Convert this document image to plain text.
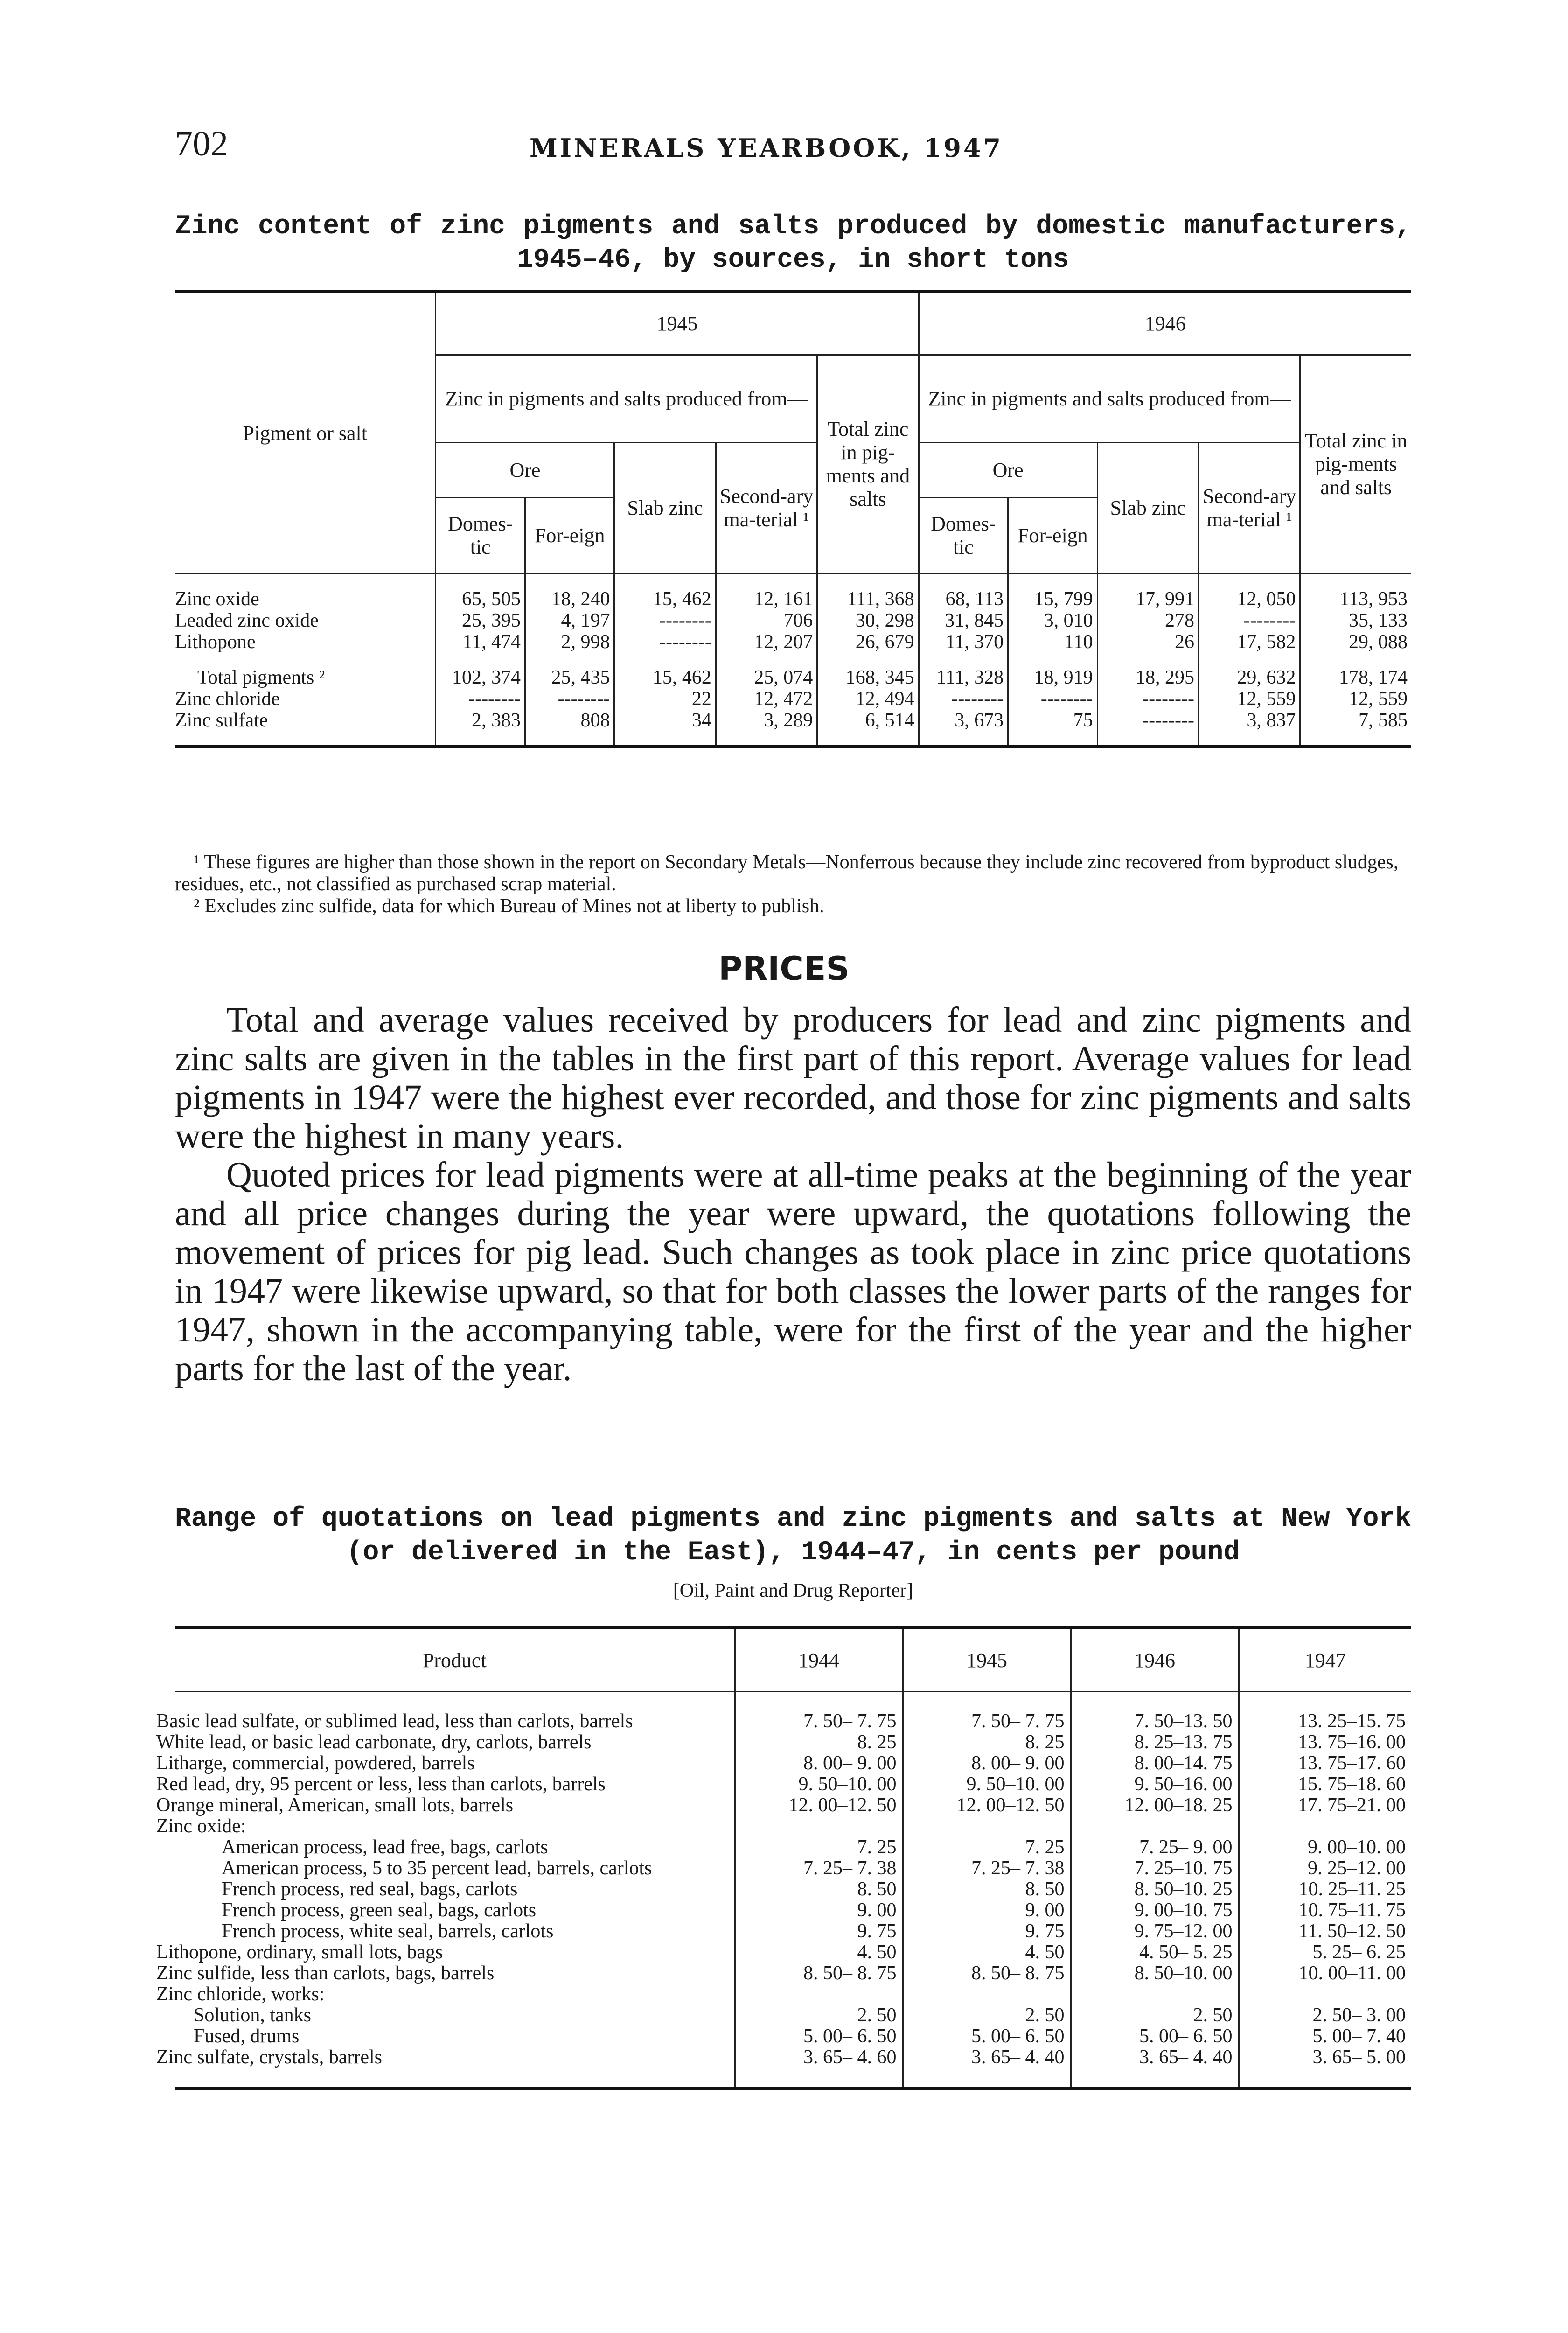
702	MINERALS YEARBOOK, 1947
Zinc content of zinc pigments and salts produced by domestic manufacturers,
1945–46, by sources, in short tons
Pigment or salt	1945					1946				
	Zinc in pigments and salts produced from—				Total zinc in pig-ments and salts	Zinc in pigments and salts produced from—				Total zinc in pig-ments and salts
	Ore		Slab zinc	Second-ary ma-terial ¹		Ore		Slab zinc	Second-ary ma-terial ¹	
	Domes-tic	For-eign				Domes-tic	For-eign			

Zinc oxide	65, 505	18, 240	15, 462	12, 161	111, 368	68, 113	15, 799	17, 991	12, 050	113, 953
Leaded zinc oxide	25, 395	4, 197	--------	706	30, 298	31, 845	3, 010	278	--------	35, 133
Lithopone	11, 474	2, 998	--------	12, 207	26, 679	11, 370	110	26	17, 582	29, 088

Total pigments ²	102, 374	25, 435	15, 462	25, 074	168, 345	111, 328	18, 919	18, 295	29, 632	178, 174
Zinc chloride	--------	--------	22	12, 472	12, 494	--------	--------	--------	12, 559	12, 559
Zinc sulfate	2, 383	808	34	3, 289	6, 514	3, 673	75	--------	3, 837	7, 585

¹ These figures are higher than those shown in the report on Secondary Metals—Nonferrous because they include zinc recovered from byproduct sludges, residues, etc., not classified as purchased scrap material.

² Excludes zinc sulfide, data for which Bureau of Mines not at liberty to publish.

PRICES

Total and average values received by producers for lead and zinc pigments and zinc salts are given in the tables in the first part of this report. Average values for lead pigments in 1947 were the highest ever recorded, and those for zinc pigments and salts were the highest in many years.

Quoted prices for lead pigments were at all-time peaks at the beginning of the year and all price changes during the year were upward, the quotations following the movement of prices for pig lead. Such changes as took place in zinc price quotations in 1947 were likewise upward, so that for both classes the lower parts of the ranges for 1947, shown in the accompanying table, were for the first of the year and the higher parts for the last of the year.

Range of quotations on lead pigments and zinc pigments and salts at New York
(or delivered in the East), 1944–47, in cents per pound
[Oil, Paint and Drug Reporter]
Product	1944	1945	1946	1947
Basic lead sulfate, or sublimed lead, less than carlots, barrels	7. 50– 7. 75	7. 50– 7. 75	7. 50–13. 50	13. 25–15. 75
White lead, or basic lead carbonate, dry, carlots, barrels	8. 25	8. 25	8. 25–13. 75	13. 75–16. 00
Litharge, commercial, powdered, barrels	8. 00– 9. 00	8. 00– 9. 00	8. 00–14. 75	13. 75–17. 60
Red lead, dry, 95 percent or less, less than carlots, barrels	9. 50–10. 00	9. 50–10. 00	9. 50–16. 00	15. 75–18. 60
Orange mineral, American, small lots, barrels	12. 00–12. 50	12. 00–12. 50	12. 00–18. 25	17. 75–21. 00
Zinc oxide:				
American process, lead free, bags, carlots	7. 25	7. 25	7. 25– 9. 00	9. 00–10. 00
American process, 5 to 35 percent lead, barrels, carlots	7. 25– 7. 38	7. 25– 7. 38	7. 25–10. 75	9. 25–12. 00
French process, red seal, bags, carlots	8. 50	8. 50	8. 50–10. 25	10. 25–11. 25
French process, green seal, bags, carlots	9. 00	9. 00	9. 00–10. 75	10. 75–11. 75
French process, white seal, barrels, carlots	9. 75	9. 75	9. 75–12. 00	11. 50–12. 50
Lithopone, ordinary, small lots, bags	4. 50	4. 50	4. 50– 5. 25	5. 25– 6. 25
Zinc sulfide, less than carlots, bags, barrels	8. 50– 8. 75	8. 50– 8. 75	8. 50–10. 00	10. 00–11. 00
Zinc chloride, works:				
Solution, tanks	2. 50	2. 50	2. 50	2. 50– 3. 00
Fused, drums	5. 00– 6. 50	5. 00– 6. 50	5. 00– 6. 50	5. 00– 7. 40
Zinc sulfate, crystals, barrels	3. 65– 4. 60	3. 65– 4. 40	3. 65– 4. 40	3. 65– 5. 00
